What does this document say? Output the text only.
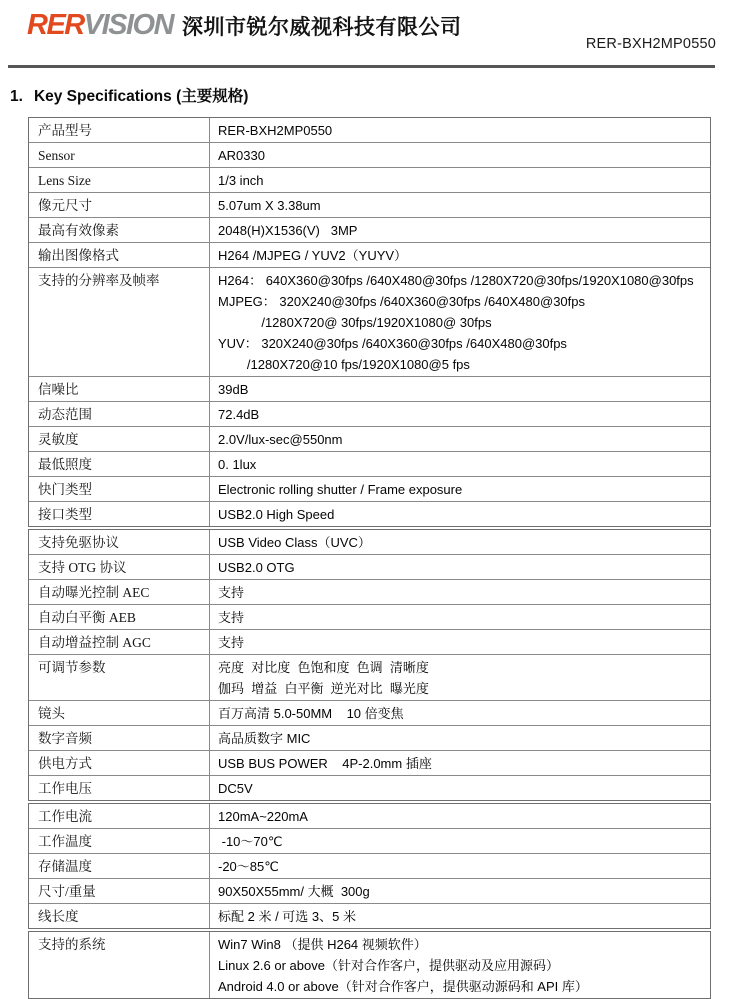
RERVISION 深圳市锐尔威视科技有限公司
RER-BXH2MP0550
1. Key Specifications (主要规格)
产品型号	RER-BXH2MP0550
Sensor	AR0330
Lens Size	1/3 inch
像元尺寸	5.07um X 3.38um
最高有效像素	2048(H)X1536(V)   3MP
输出图像格式	H264 /MJPEG / YUV2（YUYV）
支持的分辨率及帧率	H264： 640X360@30fps /640X480@30fps /1280X720@30fps/1920X1080@30fps
MJPEG： 320X240@30fps /640X360@30fps /640X480@30fps
/1280X720@ 30fps/1920X1080@ 30fps
YUV： 320X240@30fps /640X360@30fps /640X480@30fps
/1280X720@10 fps/1920X1080@5 fps
信噪比	39dB
动态范围	72.4dB
灵敏度	2.0V/lux-sec@550nm
最低照度	0. 1lux
快门类型	Electronic rolling shutter / Frame exposure
接口类型	USB2.0 High Speed
支持免驱协议	USB Video Class（UVC）
支持 OTG 协议	USB2.0 OTG
自动曝光控制 AEC	支持
自动白平衡 AEB	支持
自动增益控制 AGC	支持
可调节参数	亮度  对比度  色饱和度  色调  清晰度
伽玛  增益  白平衡  逆光对比  曝光度
镜头	百万高清 5.0-50MM    10 倍变焦
数字音频	高品质数字 MIC
供电方式	USB BUS POWER    4P-2.0mm 插座
工作电压	DC5V
工作电流	120mA~220mA
工作温度	-10～70℃
存储温度	-20～85℃
尺寸/重量	90X50X55mm/ 大概  300g
线长度	标配 2 米 / 可选 3、5 米
支持的系统	Win7 Win8 （提供 H264 视频软件）
Linux 2.6 or above（针对合作客户，提供驱动及应用源码）
Android 4.0 or above（针对合作客户，提供驱动源码和 API 库）
